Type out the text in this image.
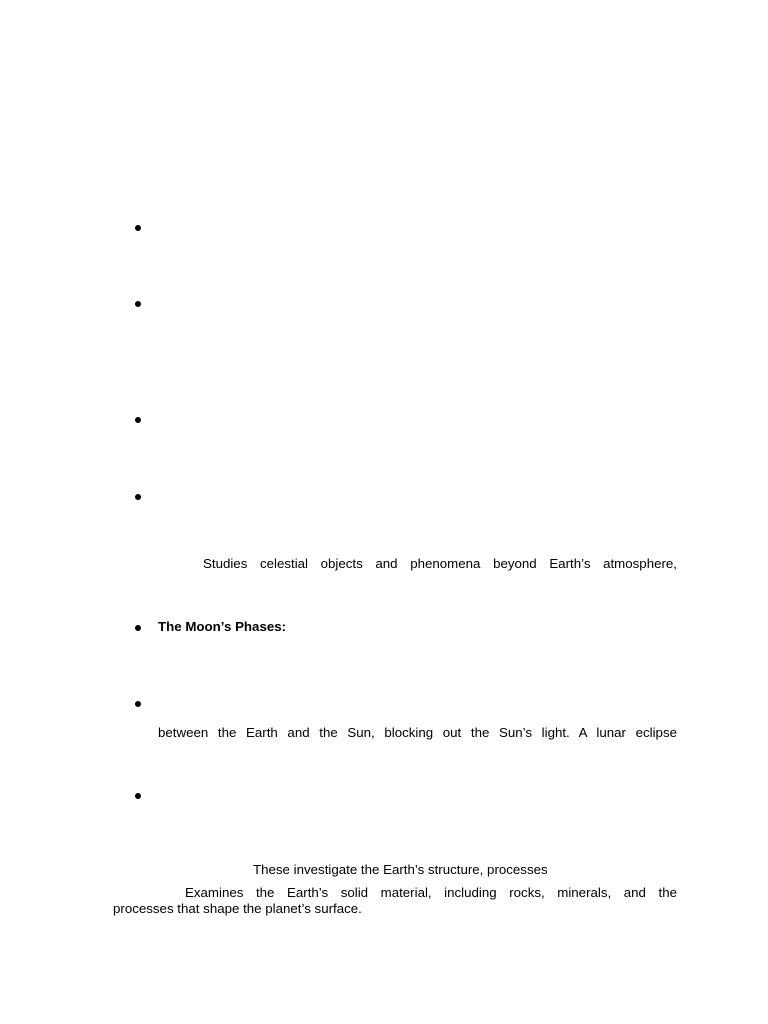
Studies celestial objects and phenomena beyond Earth’s atmosphere,
The Moon’s Phases:
between the Earth and the Sun, blocking out the Sun’s light. A lunar eclipse
These investigate the Earth’s structure, processes
Examines the Earth’s solid material, including rocks, minerals, and the
processes that shape the planet’s surface.
